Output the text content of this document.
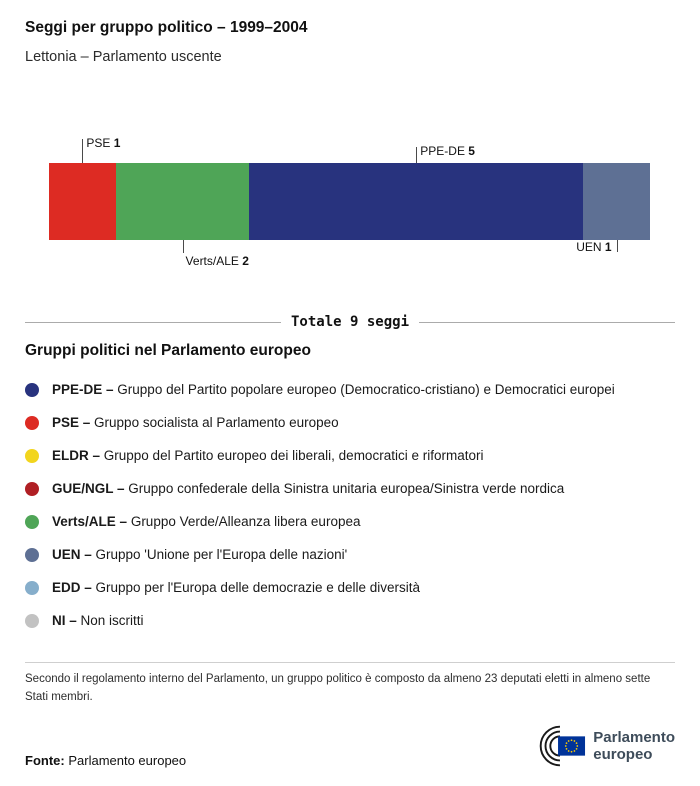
Seggi per gruppo politico – 1999–2004
Lettonia – Parlamento uscente
PSE 1
Verts/ALE 2
PPE-DE 5
UEN 1
Totale 9 seggi
Gruppi politici nel Parlamento europeo
PPE-DE – Gruppo del Partito popolare europeo (Democratico-cristiano) e Democratici europei
PSE – Gruppo socialista al Parlamento europeo
ELDR – Gruppo del Partito europeo dei liberali, democratici e riformatori
GUE/NGL – Gruppo confederale della Sinistra unitaria europea/Sinistra verde nordica
Verts/ALE – Gruppo Verde/Alleanza libera europea
UEN – Gruppo 'Unione per l'Europa delle nazioni'
EDD – Gruppo per l'Europa delle democrazie e delle diversità
NI – Non iscritti

Secondo il regolamento interno del Parlamento, un gruppo politico è composto da almeno 23 deputati eletti in almeno sette Stati membri.

Fonte: Parlamento europeo
Parlamento
europeo
